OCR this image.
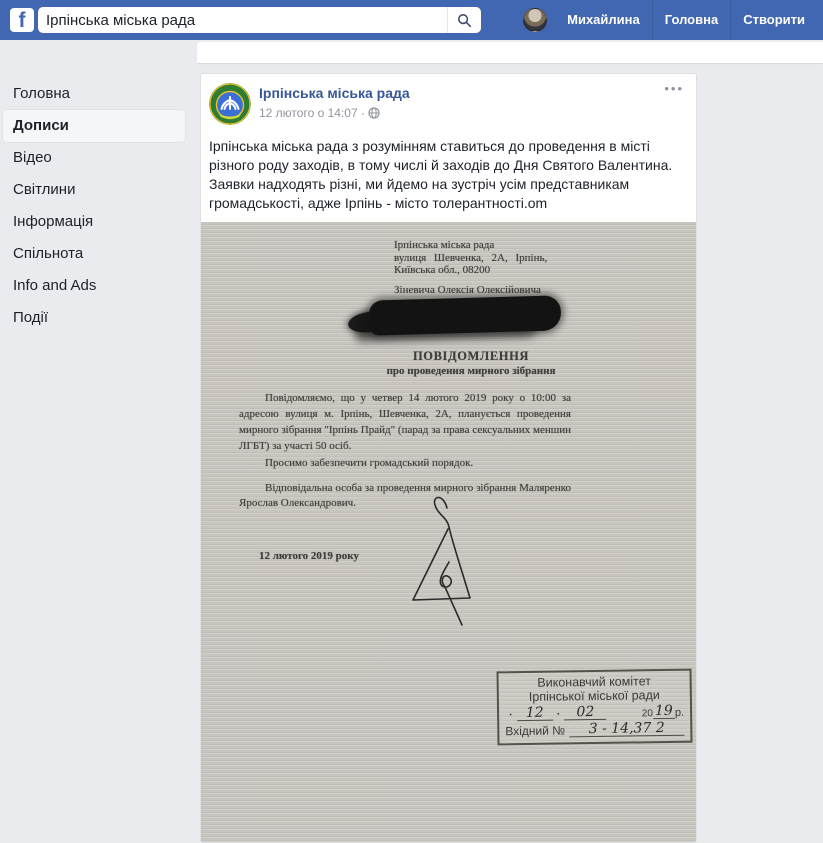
f
Ірпінська міська рада	Михайлина	Головна	Створити
Головна
Дописи
Відео
Світлини
Інформація
Спільнота
Info and Ads
Події
Ірпінська міська рада
12 лютого о 14:07 ·
•••
Ірпінська міська рада з розумінням ставиться до проведення в місті різного роду заходів, в тому числі й заходів до Дня Святого Валентина. Заявки надходять різні, ми йдемо на зустріч усім представникам громадськості, адже Ірпінь - місто толерантності.om
Ірпінська міська рада
вулиця Шевченка, 2А, Ірпінь,
Київська обл., 08200
Зіневича Олексія Олексійовича
ПОВІДОМЛЕННЯ
про проведення мирного зібрання
Повідомляємо, що у четвер 14 лютого 2019 року о 10:00 за адресою вулиця м. Ірпінь, Шевченка, 2А, планується проведення мирного зібрання "Ірпінь Прайд" (парад за права сексуальних меншин ЛГБТ) за участі 50 осіб.
Просимо забезпечити громадський порядок.
Відповідальна особа за проведення мирного зібрання Маляренко Ярослав Олександрович.
12 лютого 2019 року
Виконавчий комітет
Ірпінської міської ради
· 12	·	02	20 19 р.
Вхідний №	3 - 14,37 2
